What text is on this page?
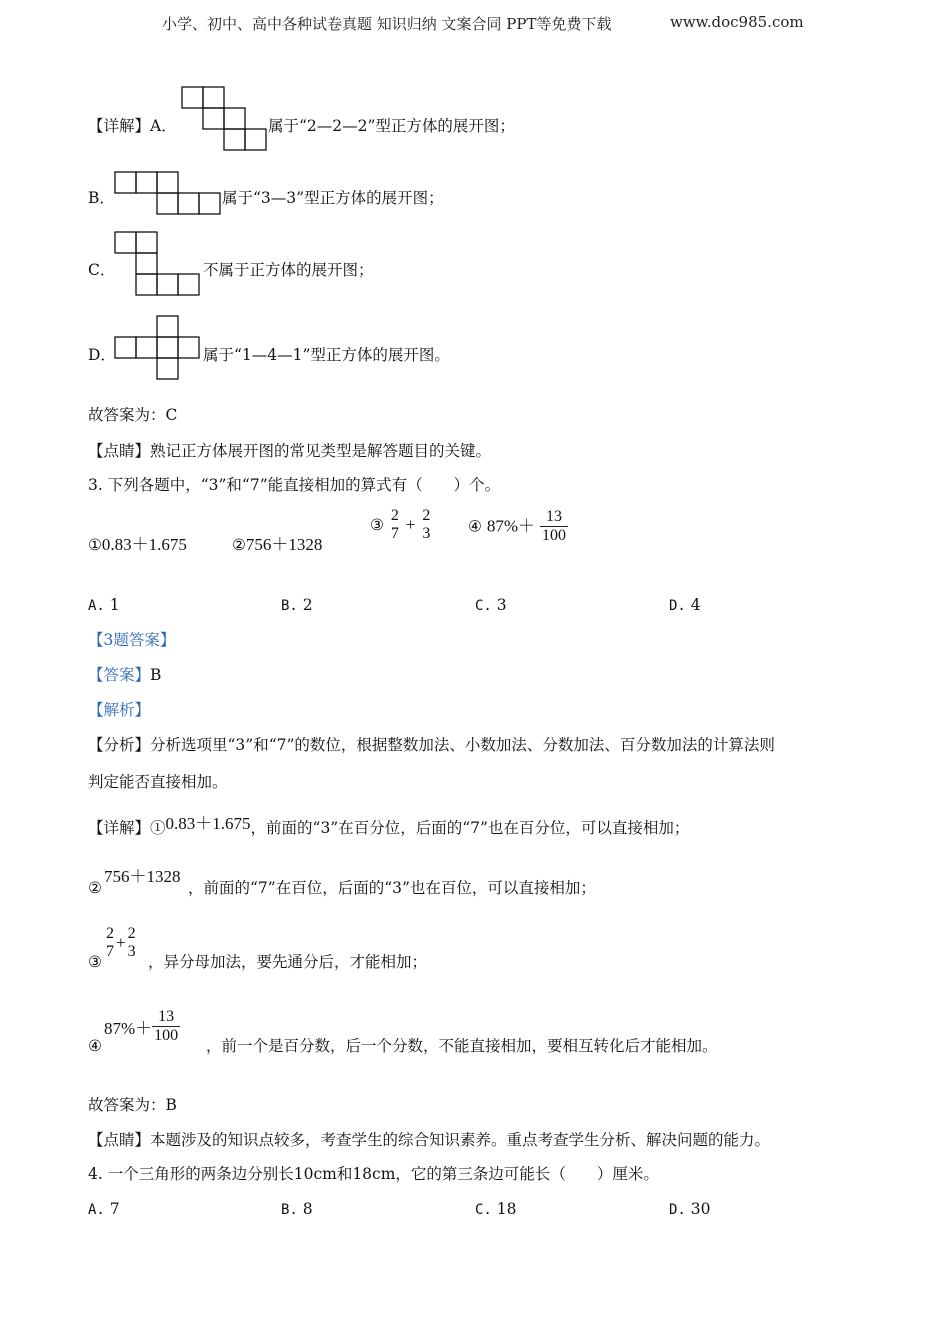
小学、初中、高中各种试卷真题 知识归纳 文案合同 PPT等免费下载	www.doc985.com
【详解】A．	属于“2—2—2”型正方体的展开图；
B．	属于“3—3”型正方体的展开图；
C．	不属于正方体的展开图；
D．	属于“1—4—1”型正方体的展开图。
故答案为：C
【点睛】熟记正方体展开图的常见类型是解答题目的关键。
3. 下列各题中，“3”和“7”能直接相加的算式有（　　）个。
①0.83＋1.675	②756＋1328
③
2
7 + 2
3 ④ $87\%+ \frac{13}{100}$
A. 1	B. 2	C. 3	D. 4
【3题答案】
【答案】B
【解析】
【分析】分析选项里“3”和“7”的数位，根据整数加法、小数加法、分数加法、百分数加法的计算法则
判定能否直接相加。
【详解】①0.83＋1.675，前面的“3”在百分位，后面的“7”也在百分位，可以直接相加；
②
756＋1328
，前面的“7”在百位，后面的“3”也在百位，可以直接相加；
③
2
7 + 2
3
，异分母加法，要先通分后，才能相加；
④
$87\%+ \frac{13}{100}$
，前一个是百分数，后一个分数，不能直接相加，要相互转化后才能相加。
故答案为：B
【点睛】本题涉及的知识点较多，考查学生的综合知识素养。重点考查学生分析、解决问题的能力。
4. 一个三角形的两条边分别长10cm和18cm，它的第三条边可能长（　　）厘米。
A. 7	B. 8	C. 18	D. 30
